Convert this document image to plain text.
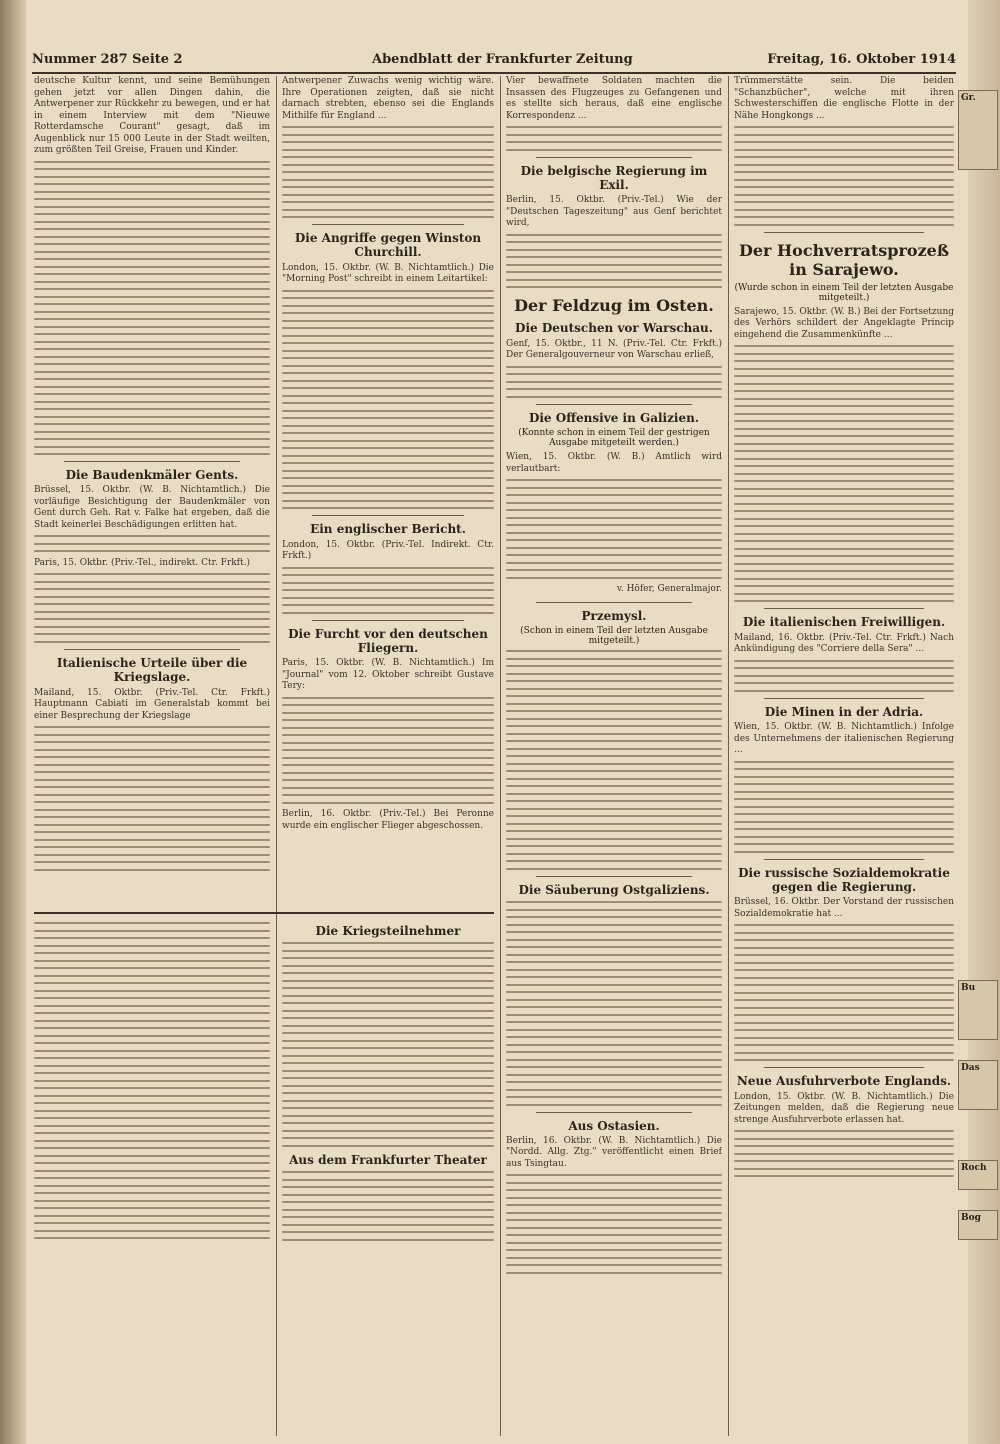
Nummer 287 Seite 2	Abendblatt der Frankfurter Zeitung	Freitag, 16. Oktober 1914

deutsche Kultur kennt, und seine Bemühungen gehen jetzt vor allen Dingen dahin, die Antwerpener zur Rückkehr zu bewegen, und er hat in einem Interview mit dem "Nieuwe Rotterdamsche Courant" gesagt, daß im Augenblick nur 15 000 Leute in der Stadt weilten, zum größten Teil Greise, Frauen und Kinder.

Die Baudenkmäler Gents.

Brüssel, 15. Oktbr. (W. B. Nichtamtlich.) Die vorläufige Besichtigung der Baudenkmäler von Gent durch Geh. Rat v. Falke hat ergeben, daß die Stadt keinerlei Beschädigungen erlitten hat.

Paris, 15. Oktbr. (Priv.-Tel., indirekt. Ctr. Frkft.)

Italienische Urteile über die Kriegslage.

Mailand, 15. Oktbr. (Priv.-Tel. Ctr. Frkft.) Hauptmann Cabiati im Generalstab kommt bei einer Besprechung der Kriegslage

Antwerpener Zuwachs wenig wichtig wäre. Ihre Operationen zeigten, daß sie nicht darnach strebten, ebenso sei die Englands Mithilfe für England ...

Die Angriffe gegen Winston Churchill.

London, 15. Oktbr. (W. B. Nichtamtlich.) Die "Morning Post" schreibt in einem Leitartikel:

Ein englischer Bericht.

London, 15. Oktbr. (Priv.-Tel. Indirekt. Ctr. Frkft.)

Die Furcht vor den deutschen Fliegern.

Paris, 15. Oktbr. (W. B. Nichtamtlich.) Im "Journal" vom 12. Oktober schreibt Gustave Tery:

Berlin, 16. Oktbr. (Priv.-Tel.) Bei Peronne wurde ein englischer Flieger abgeschossen.

Die Kriegsteilnehmer
Aus dem Frankfurter Theater

Vier bewaffnete Soldaten machten die Insassen des Flugzeuges zu Gefangenen und es stellte sich heraus, daß eine englische Korrespondenz ...

Die belgische Regierung im Exil.

Berlin, 15. Oktbr. (Priv.-Tel.) Wie der "Deutschen Tageszeitung" aus Genf berichtet wird,

Der Feldzug im Osten.
Die Deutschen vor Warschau.

Genf, 15. Oktbr., 11 N. (Priv.-Tel. Ctr. Frkft.) Der Generalgouverneur von Warschau erließ,

Die Offensive in Galizien.

(Konnte schon in einem Teil der gestrigen Ausgabe mitgeteilt werden.)

Wien, 15. Oktbr. (W. B.) Amtlich wird verlautbart:

v. Höfer, Generalmajor.

Przemysl.

(Schon in einem Teil der letzten Ausgabe mitgeteilt.)

Die Säuberung Ostgaliziens.
Aus Ostasien.

Berlin, 16. Oktbr. (W. B. Nichtamtlich.) Die "Nordd. Allg. Ztg." veröffentlicht einen Brief aus Tsingtau.

Trümmerstätte sein. Die beiden "Schanzbücher", welche mit ihren Schwesterschiffen die englische Flotte in der Nähe Hongkongs ...

Der Hochverratsprozeß in Sarajewo.

(Wurde schon in einem Teil der letzten Ausgabe mitgeteilt.)

Sarajewo, 15. Oktbr. (W. B.) Bei der Fortsetzung des Verhörs schildert der Angeklagte Princip eingehend die Zusammenkünfte ...

Die italienischen Freiwilligen.

Mailand, 16. Oktbr. (Priv.-Tel. Ctr. Frkft.) Nach Ankündigung des "Corriere della Sera" ...

Die Minen in der Adria.

Wien, 15. Oktbr. (W. B. Nichtamtlich.) Infolge des Unternehmens der italienischen Regierung ...

Die russische Sozialdemokratie gegen die Regierung.

Brüssel, 16. Oktbr. Der Vorstand der russischen Sozialdemokratie hat ...

Neue Ausfuhrverbote Englands.

London, 15. Oktbr. (W. B. Nichtamtlich.) Die Zeitungen melden, daß die Regierung neue strenge Ausfuhrverbote erlassen hat.

Gr.
Bu
Das
Roch
Bog
